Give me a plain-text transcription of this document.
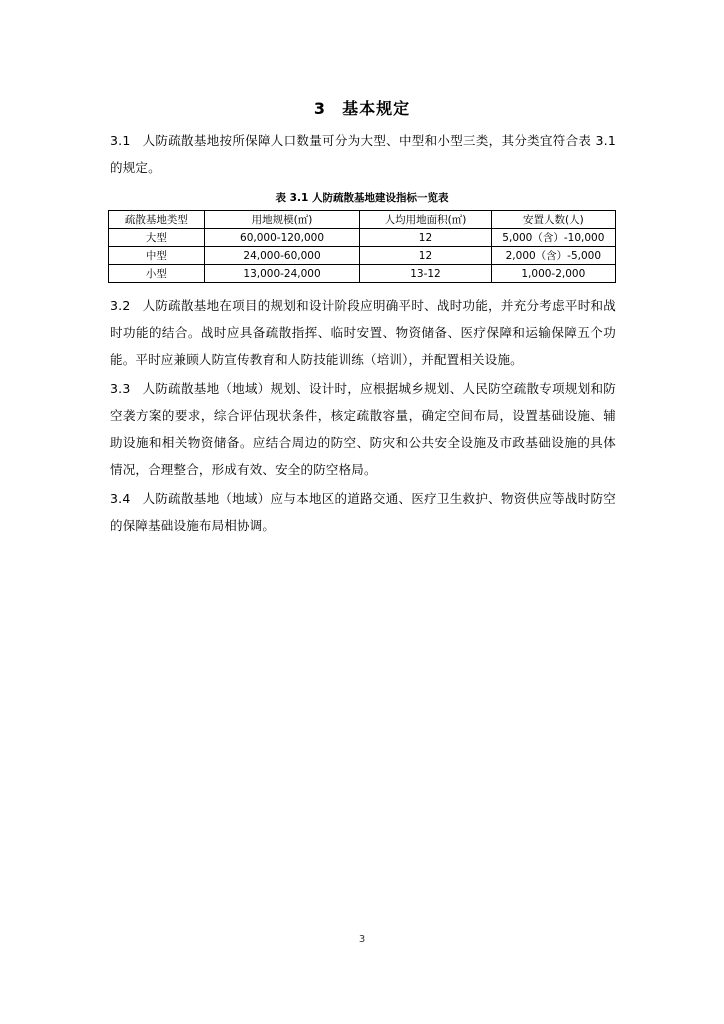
3 基本规定
3.1 人防疏散基地按所保障人口数量可分为大型、中型和小型三类，其分类宜符合表 3.1 的规定。
表 3.1 人防疏散基地建设指标一览表
疏散基地类型	用地规模(㎡)	人均用地面积(㎡)	安置人数(人)
大型	60,000-120,000	12	5,000（含）-10,000
中型	24,000-60,000	12	2,000（含）-5,000
小型	13,000-24,000	13-12	1,000-2,000
3.2 人防疏散基地在项目的规划和设计阶段应明确平时、战时功能，并充分考虑平时和战时功能的结合。战时应具备疏散指挥、临时安置、物资储备、医疗保障和运输保障五个功能。平时应兼顾人防宣传教育和人防技能训练（培训），并配置相关设施。
3.3 人防疏散基地（地域）规划、设计时，应根据城乡规划、人民防空疏散专项规划和防空袭方案的要求，综合评估现状条件，核定疏散容量，确定空间布局，设置基础设施、辅助设施和相关物资储备。应结合周边的防空、防灾和公共安全设施及市政基础设施的具体情况，合理整合，形成有效、安全的防空格局。
3.4 人防疏散基地（地域）应与本地区的道路交通、医疗卫生救护、物资供应等战时防空的保障基础设施布局相协调。
3
